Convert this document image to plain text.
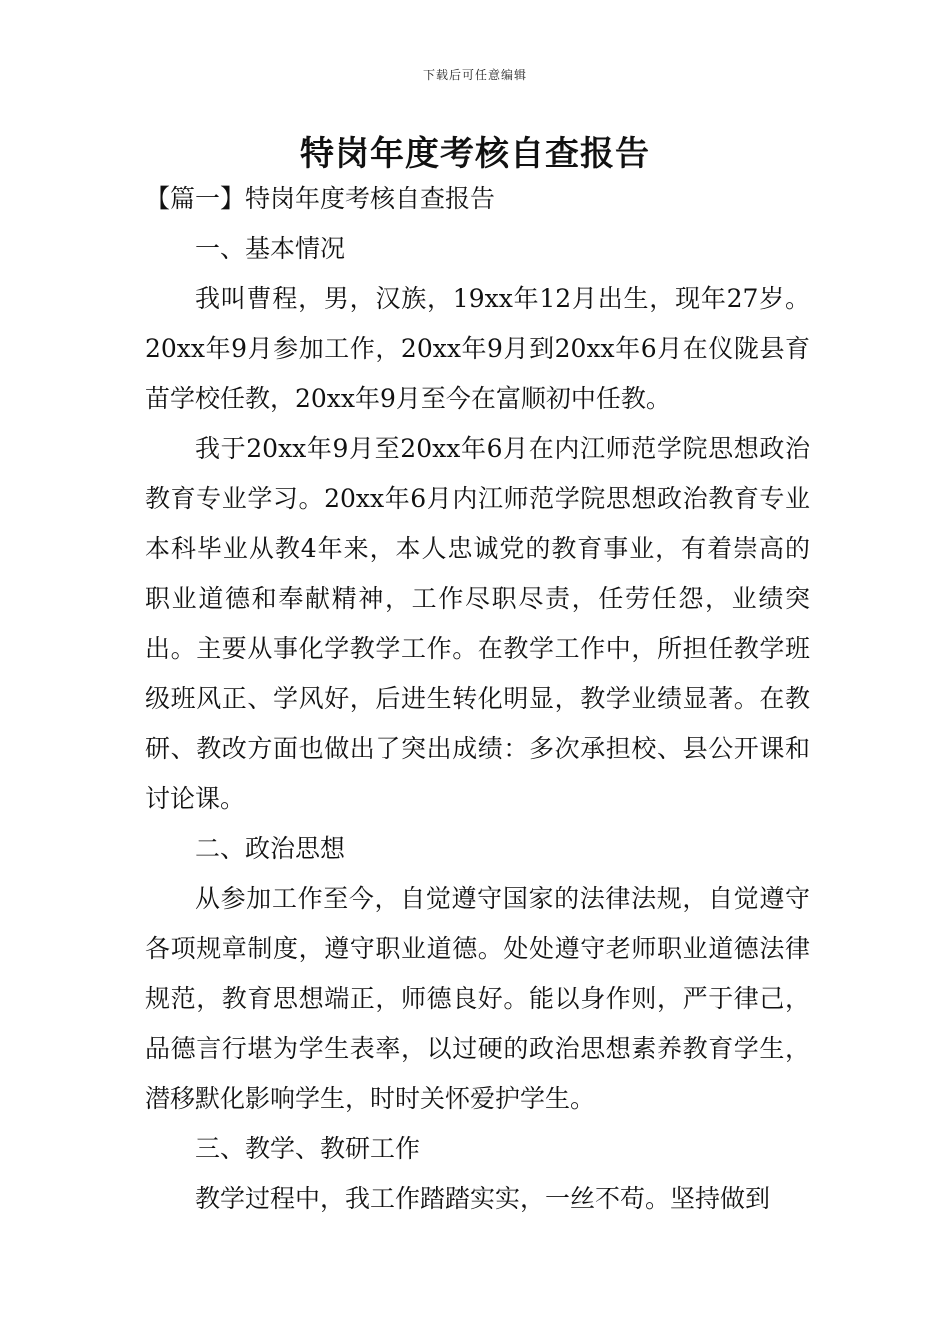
下载后可任意编辑
特岗年度考核自查报告

【篇一】特岗年度考核自查报告

一、基本情况

我叫曹程，男，汉族，19xx年12月出生，现年27岁。20xx年9月参加工作，20xx年9月到20xx年6月在仪陇县育苗学校任教，20xx年9月至今在富顺初中任教。

我于20xx年9月至20xx年6月在内江师范学院思想政治教育专业学习。20xx年6月内江师范学院思想政治教育专业本科毕业从教4年来，本人忠诚党的教育事业，有着崇高的职业道德和奉献精神，工作尽职尽责，任劳任怨，业绩突出。主要从事化学教学工作。在教学工作中，所担任教学班级班风正、学风好，后进生转化明显，教学业绩显著。在教研、教改方面也做出了突出成绩：多次承担校、县公开课和讨论课。

二、政治思想

从参加工作至今，自觉遵守国家的法律法规，自觉遵守各项规章制度，遵守职业道德。处处遵守老师职业道德法律规范，教育思想端正，师德良好。能以身作则，严于律己，品德言行堪为学生表率，以过硬的政治思想素养教育学生，潜移默化影响学生，时时关怀爱护学生。

三、教学、教研工作

教学过程中，我工作踏踏实实，一丝不苟。坚持做到
